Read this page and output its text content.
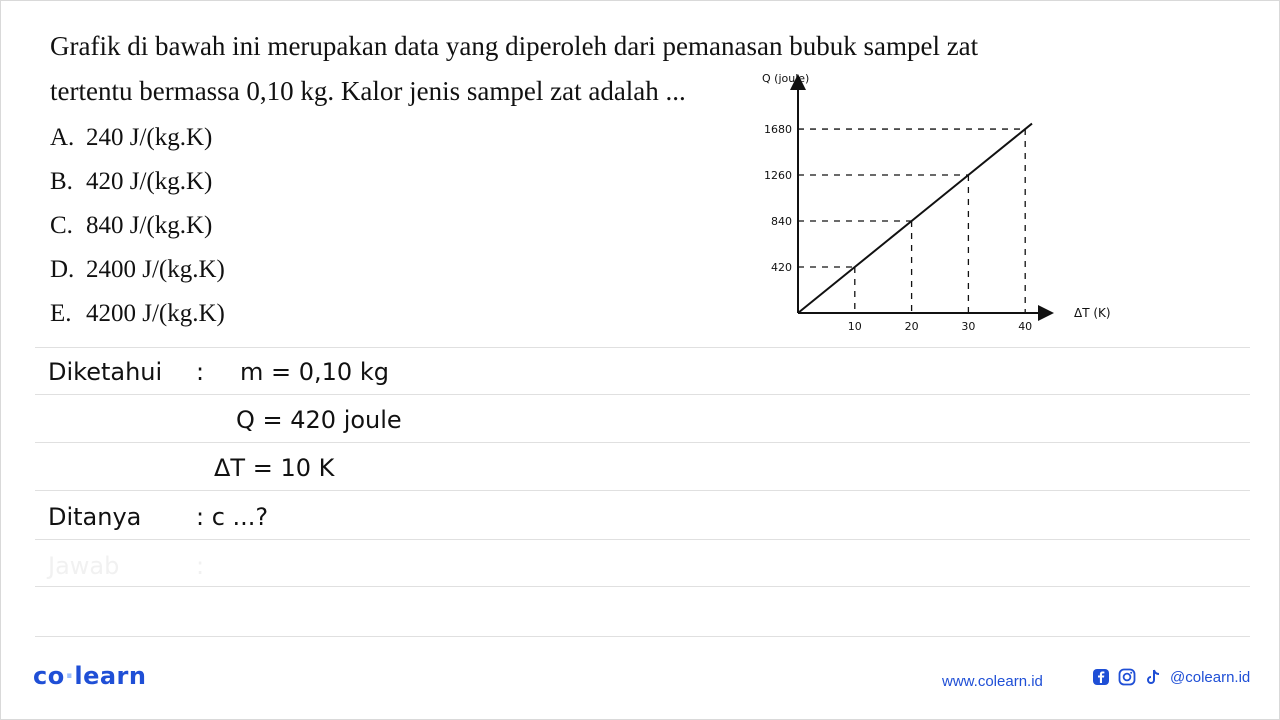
Grafik di bawah ini merupakan data yang diperoleh dari pemanasan bubuk sampel zat
tertentu bermassa 0,10 kg. Kalor jenis sampel zat adalah ...
A. 240 J/(kg.K)
B. 420 J/(kg.K)
C. 840 J/(kg.K)
D. 2400 J/(kg.K)
E. 4200 J/(kg.K)
420
840
1260
1680
10	20	30	40
Q (joule)
ΔT (K)
Diketahui : m = 0,10 kg
Q = 420 joule
ΔT = 10 K
Ditanya : c ...?
Jawab	:
co·learn	www.colearn.id	@colearn.id
